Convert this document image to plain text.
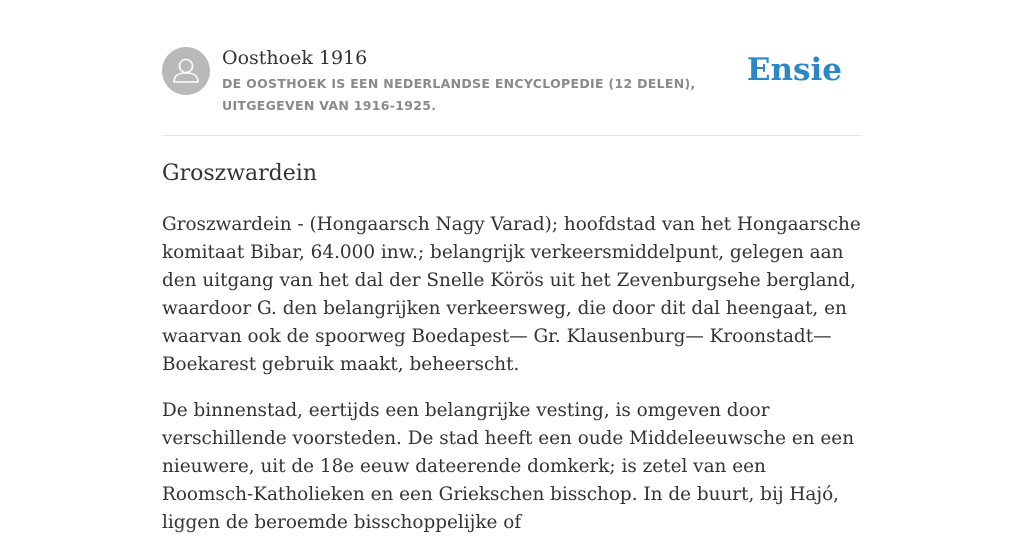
Oosthoek 1916

DE OOSTHOEK IS EEN NEDERLANDSE ENCYCLOPEDIE (12 DELEN), UITGEGEVEN VAN 1916-1925.

Ensie
Groszwardein

Groszwardein - (Hongaarsch Nagy Varad); hoofdstad van het Hongaarsche komitaat Bibar, 64.000 inw.; belangrijk verkeersmiddelpunt, gelegen aan den uitgang van het dal der Snelle Körös uit het Zevenburgsehe bergland, waardoor G. den belangrijken verkeersweg, die door dit dal heengaat, en waarvan ook de spoorweg Boedapest— Gr. Klausenburg— Kroonstadt— Boekarest gebruik maakt, beheerscht.

De binnenstad, eertijds een belangrijke vesting, is omgeven door verschillende voorsteden. De stad heeft een oude Middeleeuwsche en een nieuwere, uit de 18e eeuw dateerende domkerk; is zetel van een Roomsch-Katholieken en een Griekschen bisschop. In de buurt, bij Hajó, liggen de beroemde bisschoppelijke of
